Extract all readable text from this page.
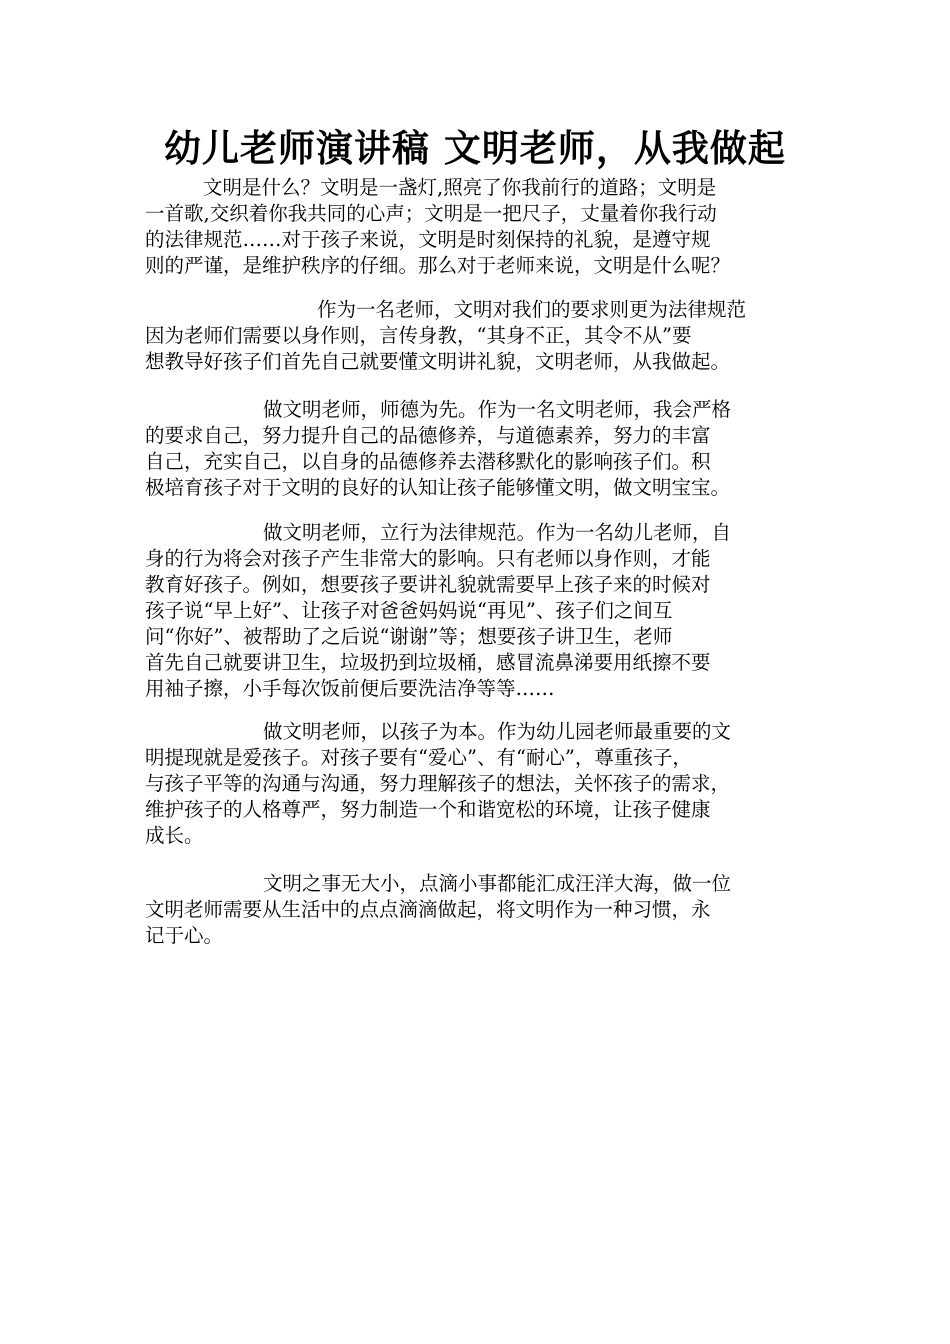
幼儿老师演讲稿 文明老师，从我做起
文明是什么？文明是一盏灯,照亮了你我前行的道路；文明是
一首歌,交织着你我共同的心声；文明是一把尺子，丈量着你我行动
的法律规范……对于孩子来说，文明是时刻保持的礼貌，是遵守规
则的严谨，是维护秩序的仔细。那么对于老师来说，文明是什么呢？
作为一名老师，文明对我们的要求则更为法律规范
因为老师们需要以身作则，言传身教，“其身不正，其令不从”要
想教导好孩子们首先自己就要懂文明讲礼貌，文明老师，从我做起。
做文明老师，师德为先。作为一名文明老师，我会严格
的要求自己，努力提升自己的品德修养，与道德素养，努力的丰富
自己，充实自己，以自身的品德修养去潜移默化的影响孩子们。积
极培育孩子对于文明的良好的认知让孩子能够懂文明，做文明宝宝。
做文明老师，立行为法律规范。作为一名幼儿老师，自
身的行为将会对孩子产生非常大的影响。只有老师以身作则，才能
教育好孩子。例如，想要孩子要讲礼貌就需要早上孩子来的时候对
孩子说“早上好”、让孩子对爸爸妈妈说“再见”、孩子们之间互
问“你好”、被帮助了之后说“谢谢”等；想要孩子讲卫生，老师
首先自己就要讲卫生，垃圾扔到垃圾桶，感冒流鼻涕要用纸擦不要
用袖子擦，小手每次饭前便后要洗洁净等等……
做文明老师，以孩子为本。作为幼儿园老师最重要的文
明提现就是爱孩子。对孩子要有“爱心”、有“耐心”，尊重孩子，
与孩子平等的沟通与沟通，努力理解孩子的想法，关怀孩子的需求，
维护孩子的人格尊严，努力制造一个和谐宽松的环境，让孩子健康
成长。
文明之事无大小，点滴小事都能汇成汪洋大海，做一位
文明老师需要从生活中的点点滴滴做起，将文明作为一种习惯，永
记于心。
